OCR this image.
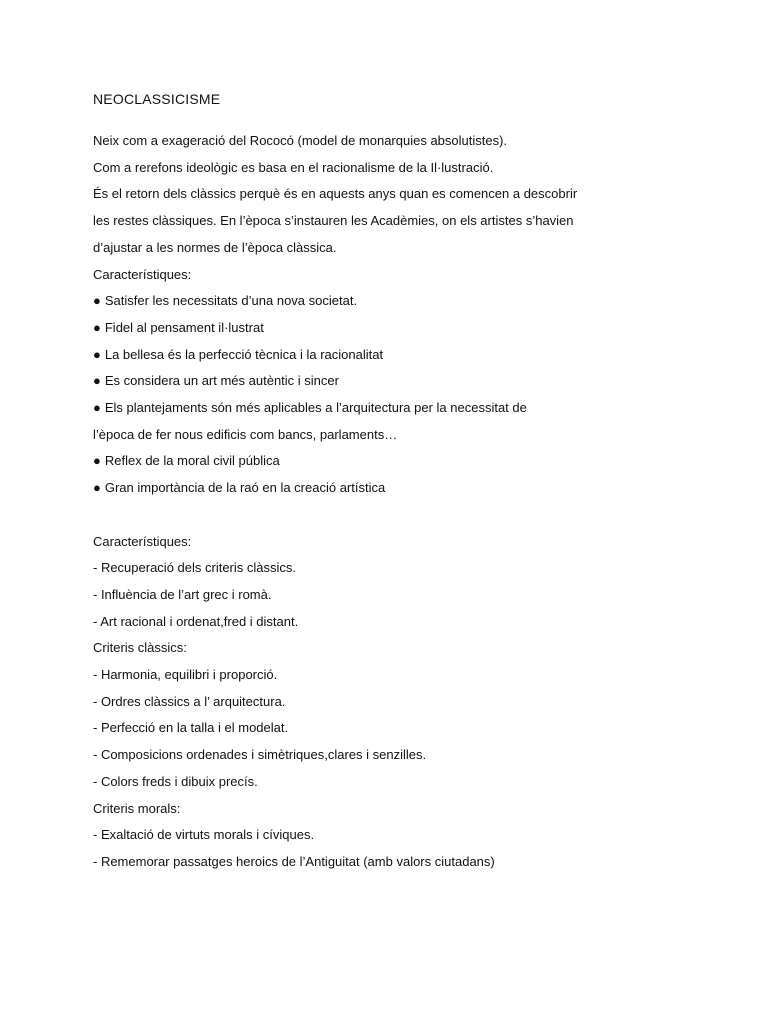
NEOCLASSICISME

Neix com a exageració del Rococó (model de monarquies absolutistes).

Com a rerefons ideològic es basa en el racionalisme de la Il·lustració.

És el retorn dels clàssics perquè és en aquests anys quan es comencen a descobrir

les restes clàssiques. En l’època s’instauren les Acadèmies, on els artistes s’havien

d’ajustar a les normes de l’època clàssica.

Característiques:

● Satisfer les necessitats d’una nova societat.

● Fidel al pensament il·lustrat

● La bellesa és la perfecció tècnica i la racionalitat

● Es considera un art més autèntic i sincer

● Els plantejaments són més aplicables a l’arquitectura per la necessitat de

l’època de fer nous edificis com bancs, parlaments…

● Reflex de la moral civil pública

● Gran importància de la raó en la creació artística

Característiques:

- Recuperació dels criteris clàssics.

- Influència de l’art grec i romà.

- Art racional i ordenat,fred i distant.

Criteris clàssics:

- Harmonia, equilibri i proporció.

- Ordres clàssics a l’ arquitectura.

- Perfecció en la talla i el modelat.

- Composicions ordenades i simètriques,clares i senzilles.

- Colors freds i dibuix precís.

Criteris morals:

- Exaltació de virtuts morals i cíviques.

- Rememorar passatges heroics de l’Antiguitat (amb valors ciutadans)
